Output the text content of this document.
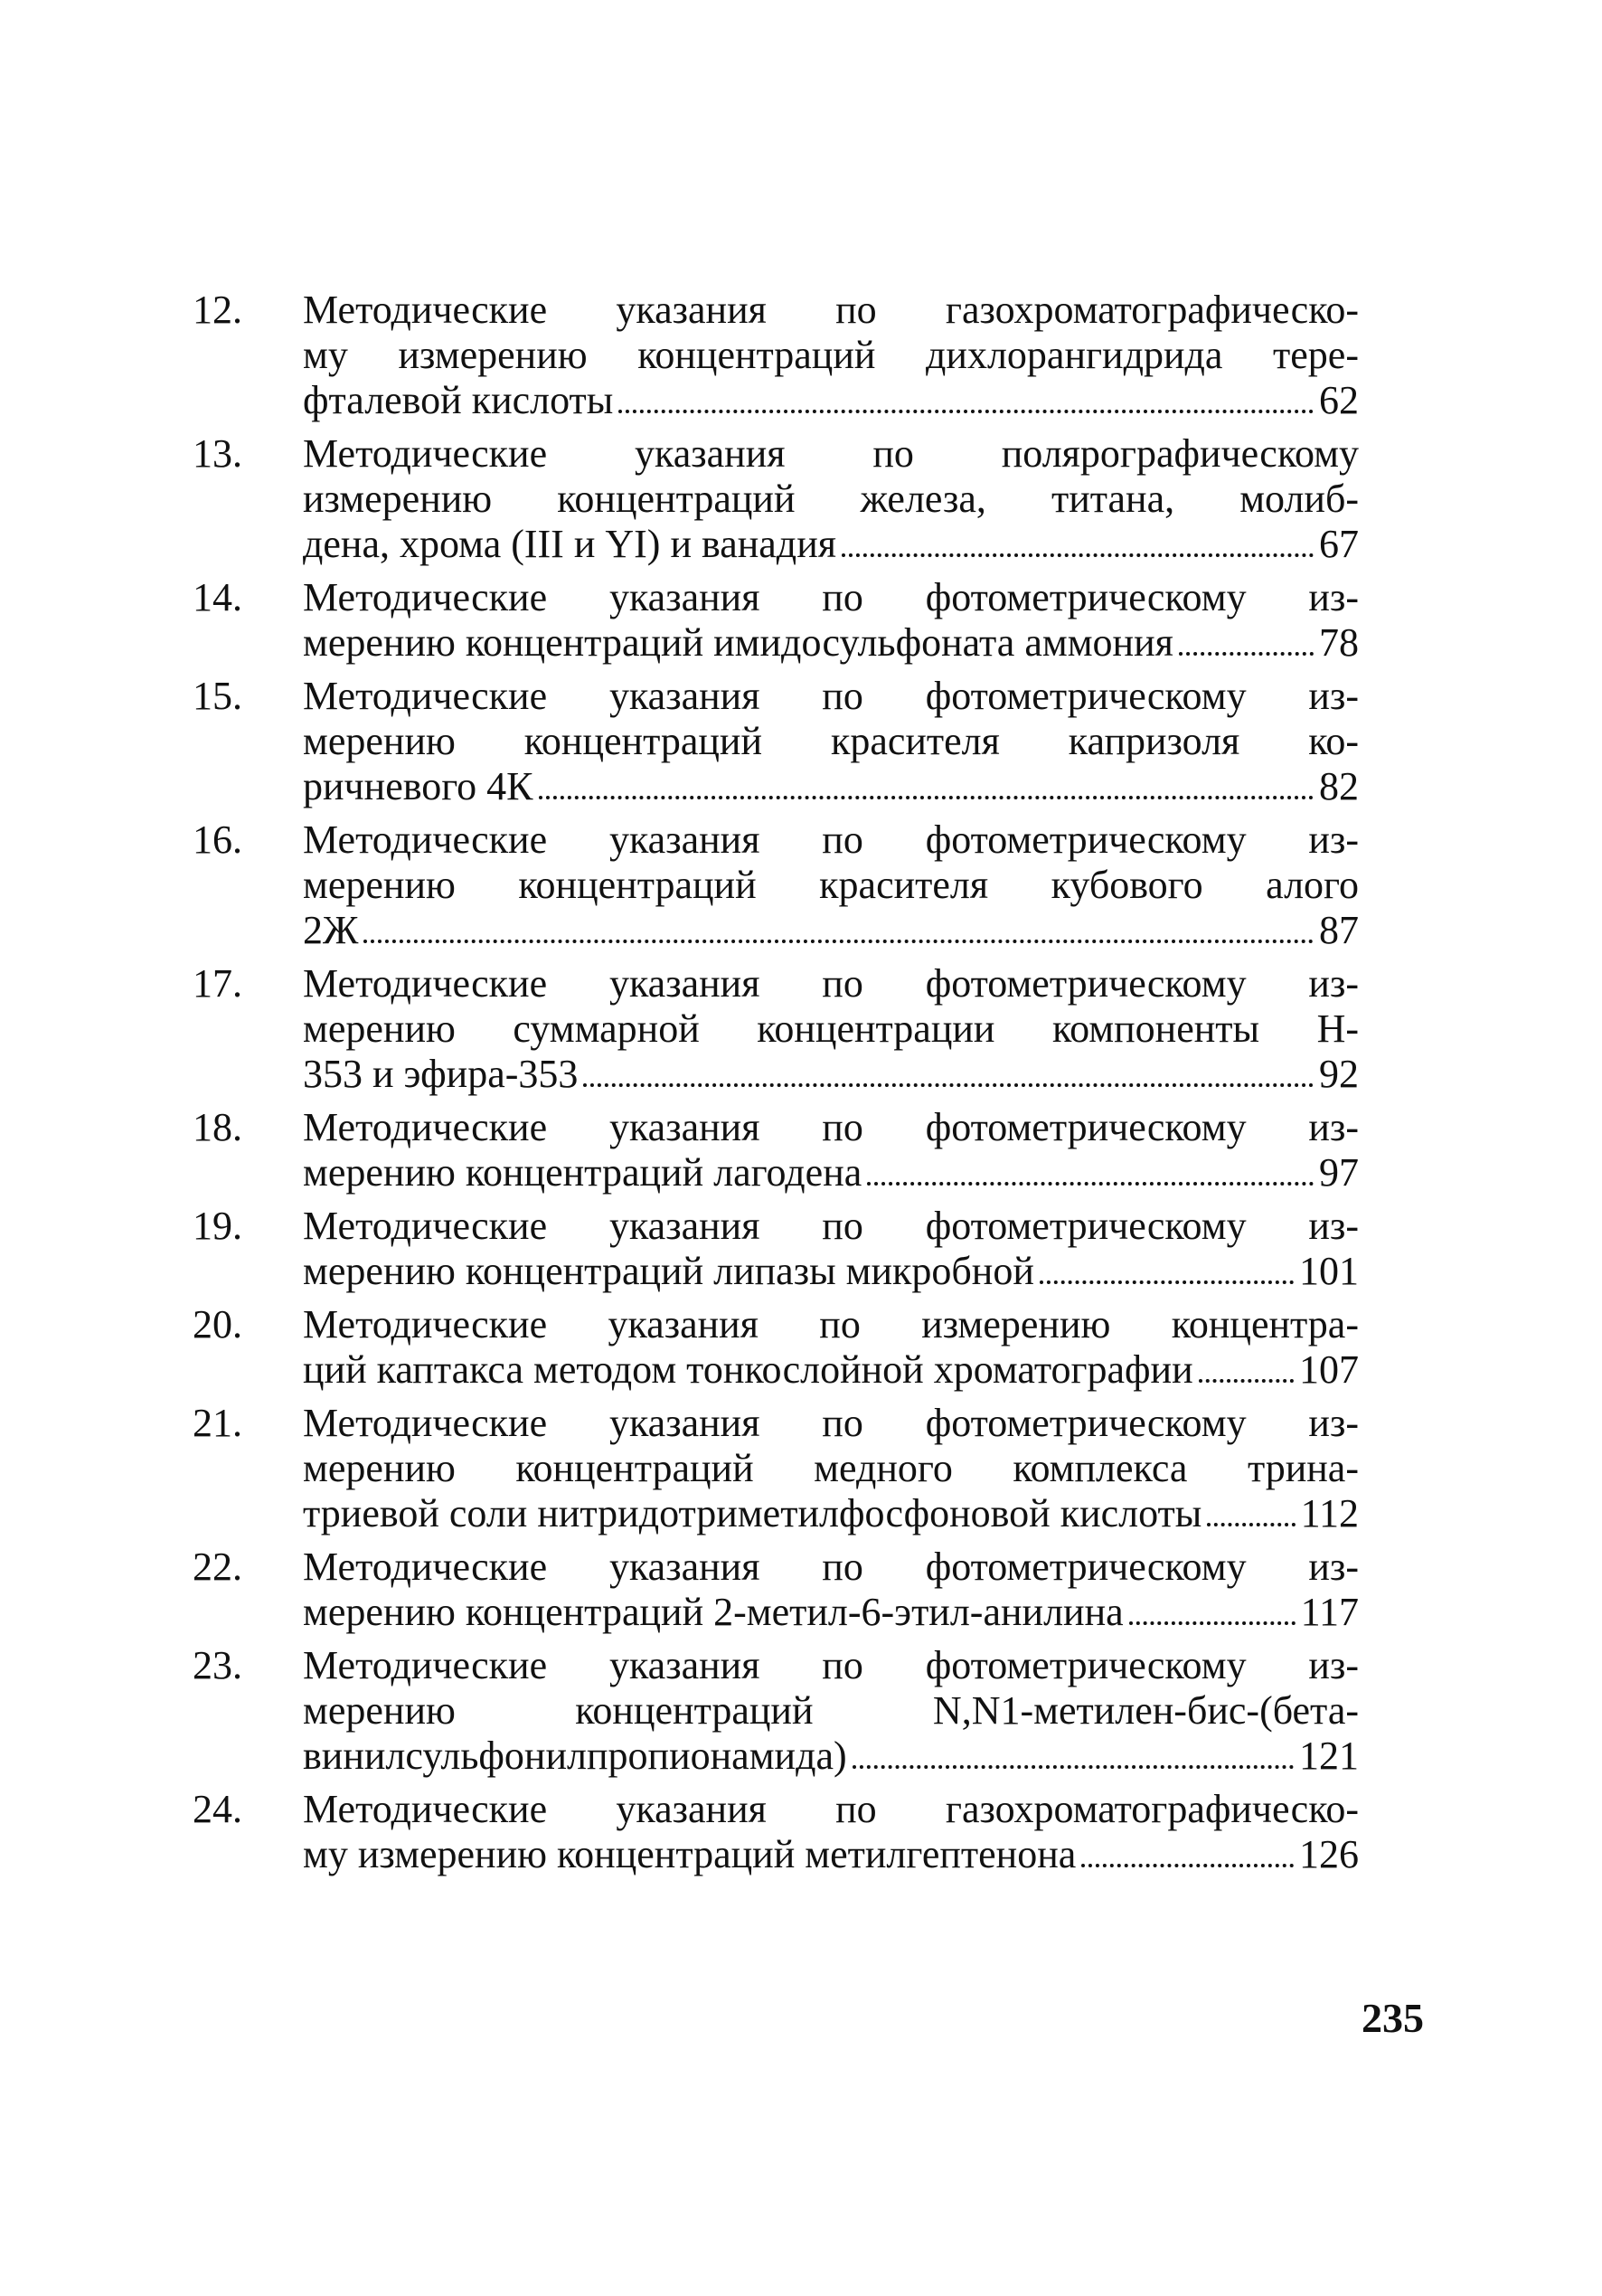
12. Методические указания по газохроматографическо-
му измерению концентраций дихлорангидрида тере-
фталевой кислоты	62
13. Методические указания по полярографическому
измерению концентраций железа, титана, молиб-
дена, хрома (III и YI) и ванадия	67
14. Методические указания по фотометрическому из-
мерению концентраций имидосульфоната аммония	78
15. Методические указания по фотометрическому из-
мерению концентраций красителя капризоля ко-
ричневого 4К	82
16. Методические указания по фотометрическому из-
мерению концентраций красителя кубового алого
2Ж	87
17. Методические указания по фотометрическому из-
мерению суммарной концентрации компоненты Н-
353 и эфира-353	92
18. Методические указания по фотометрическому из-
мерению концентраций лагодена	97
19. Методические указания по фотометрическому из-
мерению концентраций липазы микробной	101
20. Методические указания по измерению концентра-
ций каптакса методом тонкослойной хроматографии	107
21. Методические указания по фотометрическому из-
мерению концентраций медного комплекса трина-
триевой соли нитридотриметилфосфоновой кислоты 112
22. Методические указания по фотометрическому из-
мерению концентраций 2-метил-6-этил-анилина	117
23. Методические указания по фотометрическому из-
мерению концентраций N,N1-метилен-бис-(бета-
винилсульфонилпропионамида)	121
24. Методические указания по газохроматографическо-
му измерению концентраций метилгептенона	126
235
